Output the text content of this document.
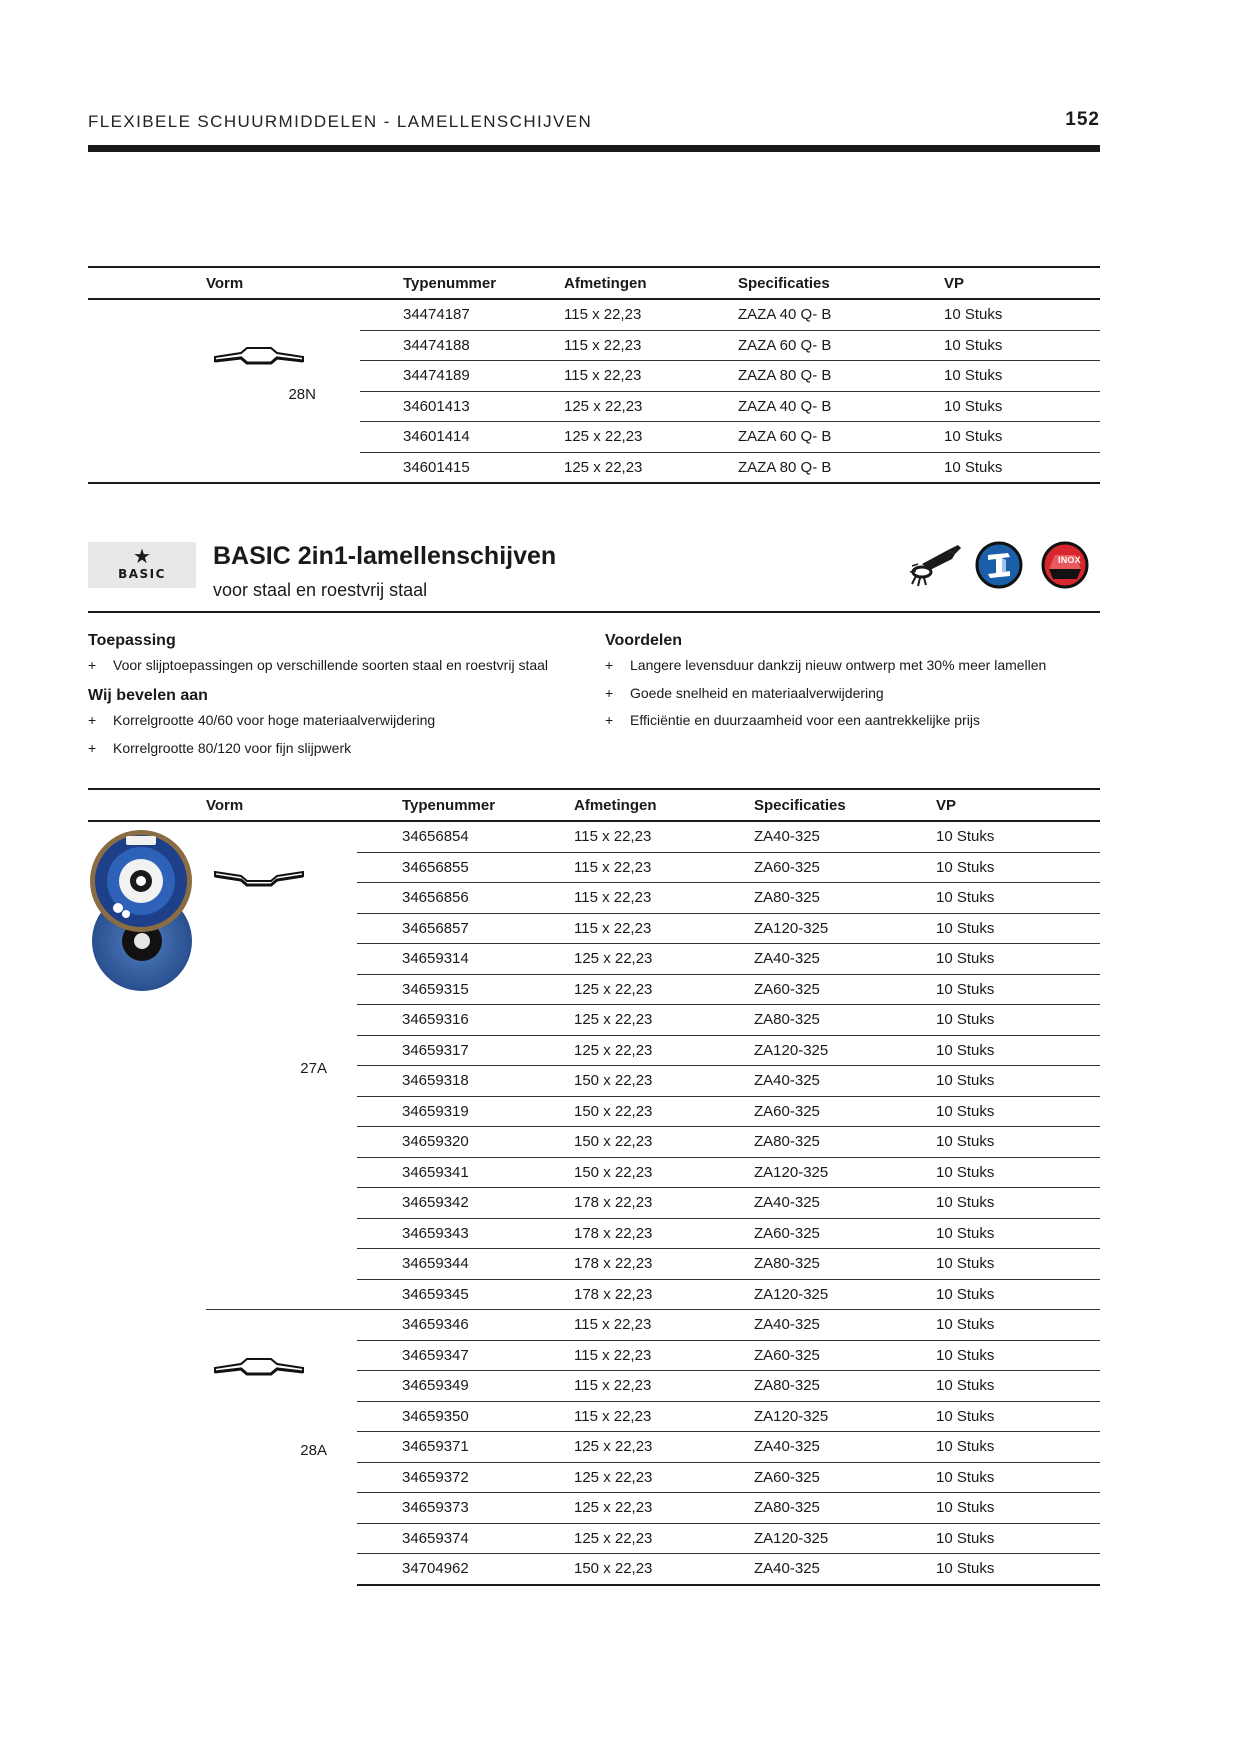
FLEXIBELE SCHUURMIDDELEN - LAMELLENSCHIJVEN	152
Vorm		Typenummer	Afmetingen	Specificaties	VP

	28N	34474187	115 x 22,23	ZAZA 40 Q- B	10 Stuks
		34474188	115 x 22,23	ZAZA 60 Q- B	10 Stuks
		34474189	115 x 22,23	ZAZA 80 Q- B	10 Stuks
		34601413	125 x 22,23	ZAZA 40 Q- B	10 Stuks
		34601414	125 x 22,23	ZAZA 60 Q- B	10 Stuks
		34601415	125 x 22,23	ZAZA 80 Q- B	10 Stuks
★
BASIC
BASIC 2in1-lamellenschijven
voor staal en roestvrij staal
INOX
Toepassing
+ Voor slijptoepassingen op verschillende soorten staal en roestvrij staal
Wij bevelen aan
+ Korrelgrootte 40/60 voor hoge materiaalverwijdering
+ Korrelgrootte 80/120 voor fijn slijpwerk
Voordelen
+ Langere levensduur dankzij nieuw ontwerp met 30% meer lamellen
+ Goede snelheid en materiaalverwijdering
+ Efficiëntie en duurzaamheid voor een aantrekkelijke prijs
Vorm		Typenummer	Afmetingen	Specificaties	VP

	27A	34656854	115 x 22,23	ZA40-325	10 Stuks
		34656855	115 x 22,23	ZA60-325	10 Stuks
		34656856	115 x 22,23	ZA80-325	10 Stuks
		34656857	115 x 22,23	ZA120-325	10 Stuks
		34659314	125 x 22,23	ZA40-325	10 Stuks
		34659315	125 x 22,23	ZA60-325	10 Stuks
		34659316	125 x 22,23	ZA80-325	10 Stuks
		34659317	125 x 22,23	ZA120-325	10 Stuks
		34659318	150 x 22,23	ZA40-325	10 Stuks
		34659319	150 x 22,23	ZA60-325	10 Stuks
		34659320	150 x 22,23	ZA80-325	10 Stuks
		34659341	150 x 22,23	ZA120-325	10 Stuks
		34659342	178 x 22,23	ZA40-325	10 Stuks
		34659343	178 x 22,23	ZA60-325	10 Stuks
		34659344	178 x 22,23	ZA80-325	10 Stuks
		34659345	178 x 22,23	ZA120-325	10 Stuks

	28A	34659346	115 x 22,23	ZA40-325	10 Stuks
		34659347	115 x 22,23	ZA60-325	10 Stuks
		34659349	115 x 22,23	ZA80-325	10 Stuks
		34659350	115 x 22,23	ZA120-325	10 Stuks
		34659371	125 x 22,23	ZA40-325	10 Stuks
		34659372	125 x 22,23	ZA60-325	10 Stuks
		34659373	125 x 22,23	ZA80-325	10 Stuks
		34659374	125 x 22,23	ZA120-325	10 Stuks
		34704962	150 x 22,23	ZA40-325	10 Stuks
